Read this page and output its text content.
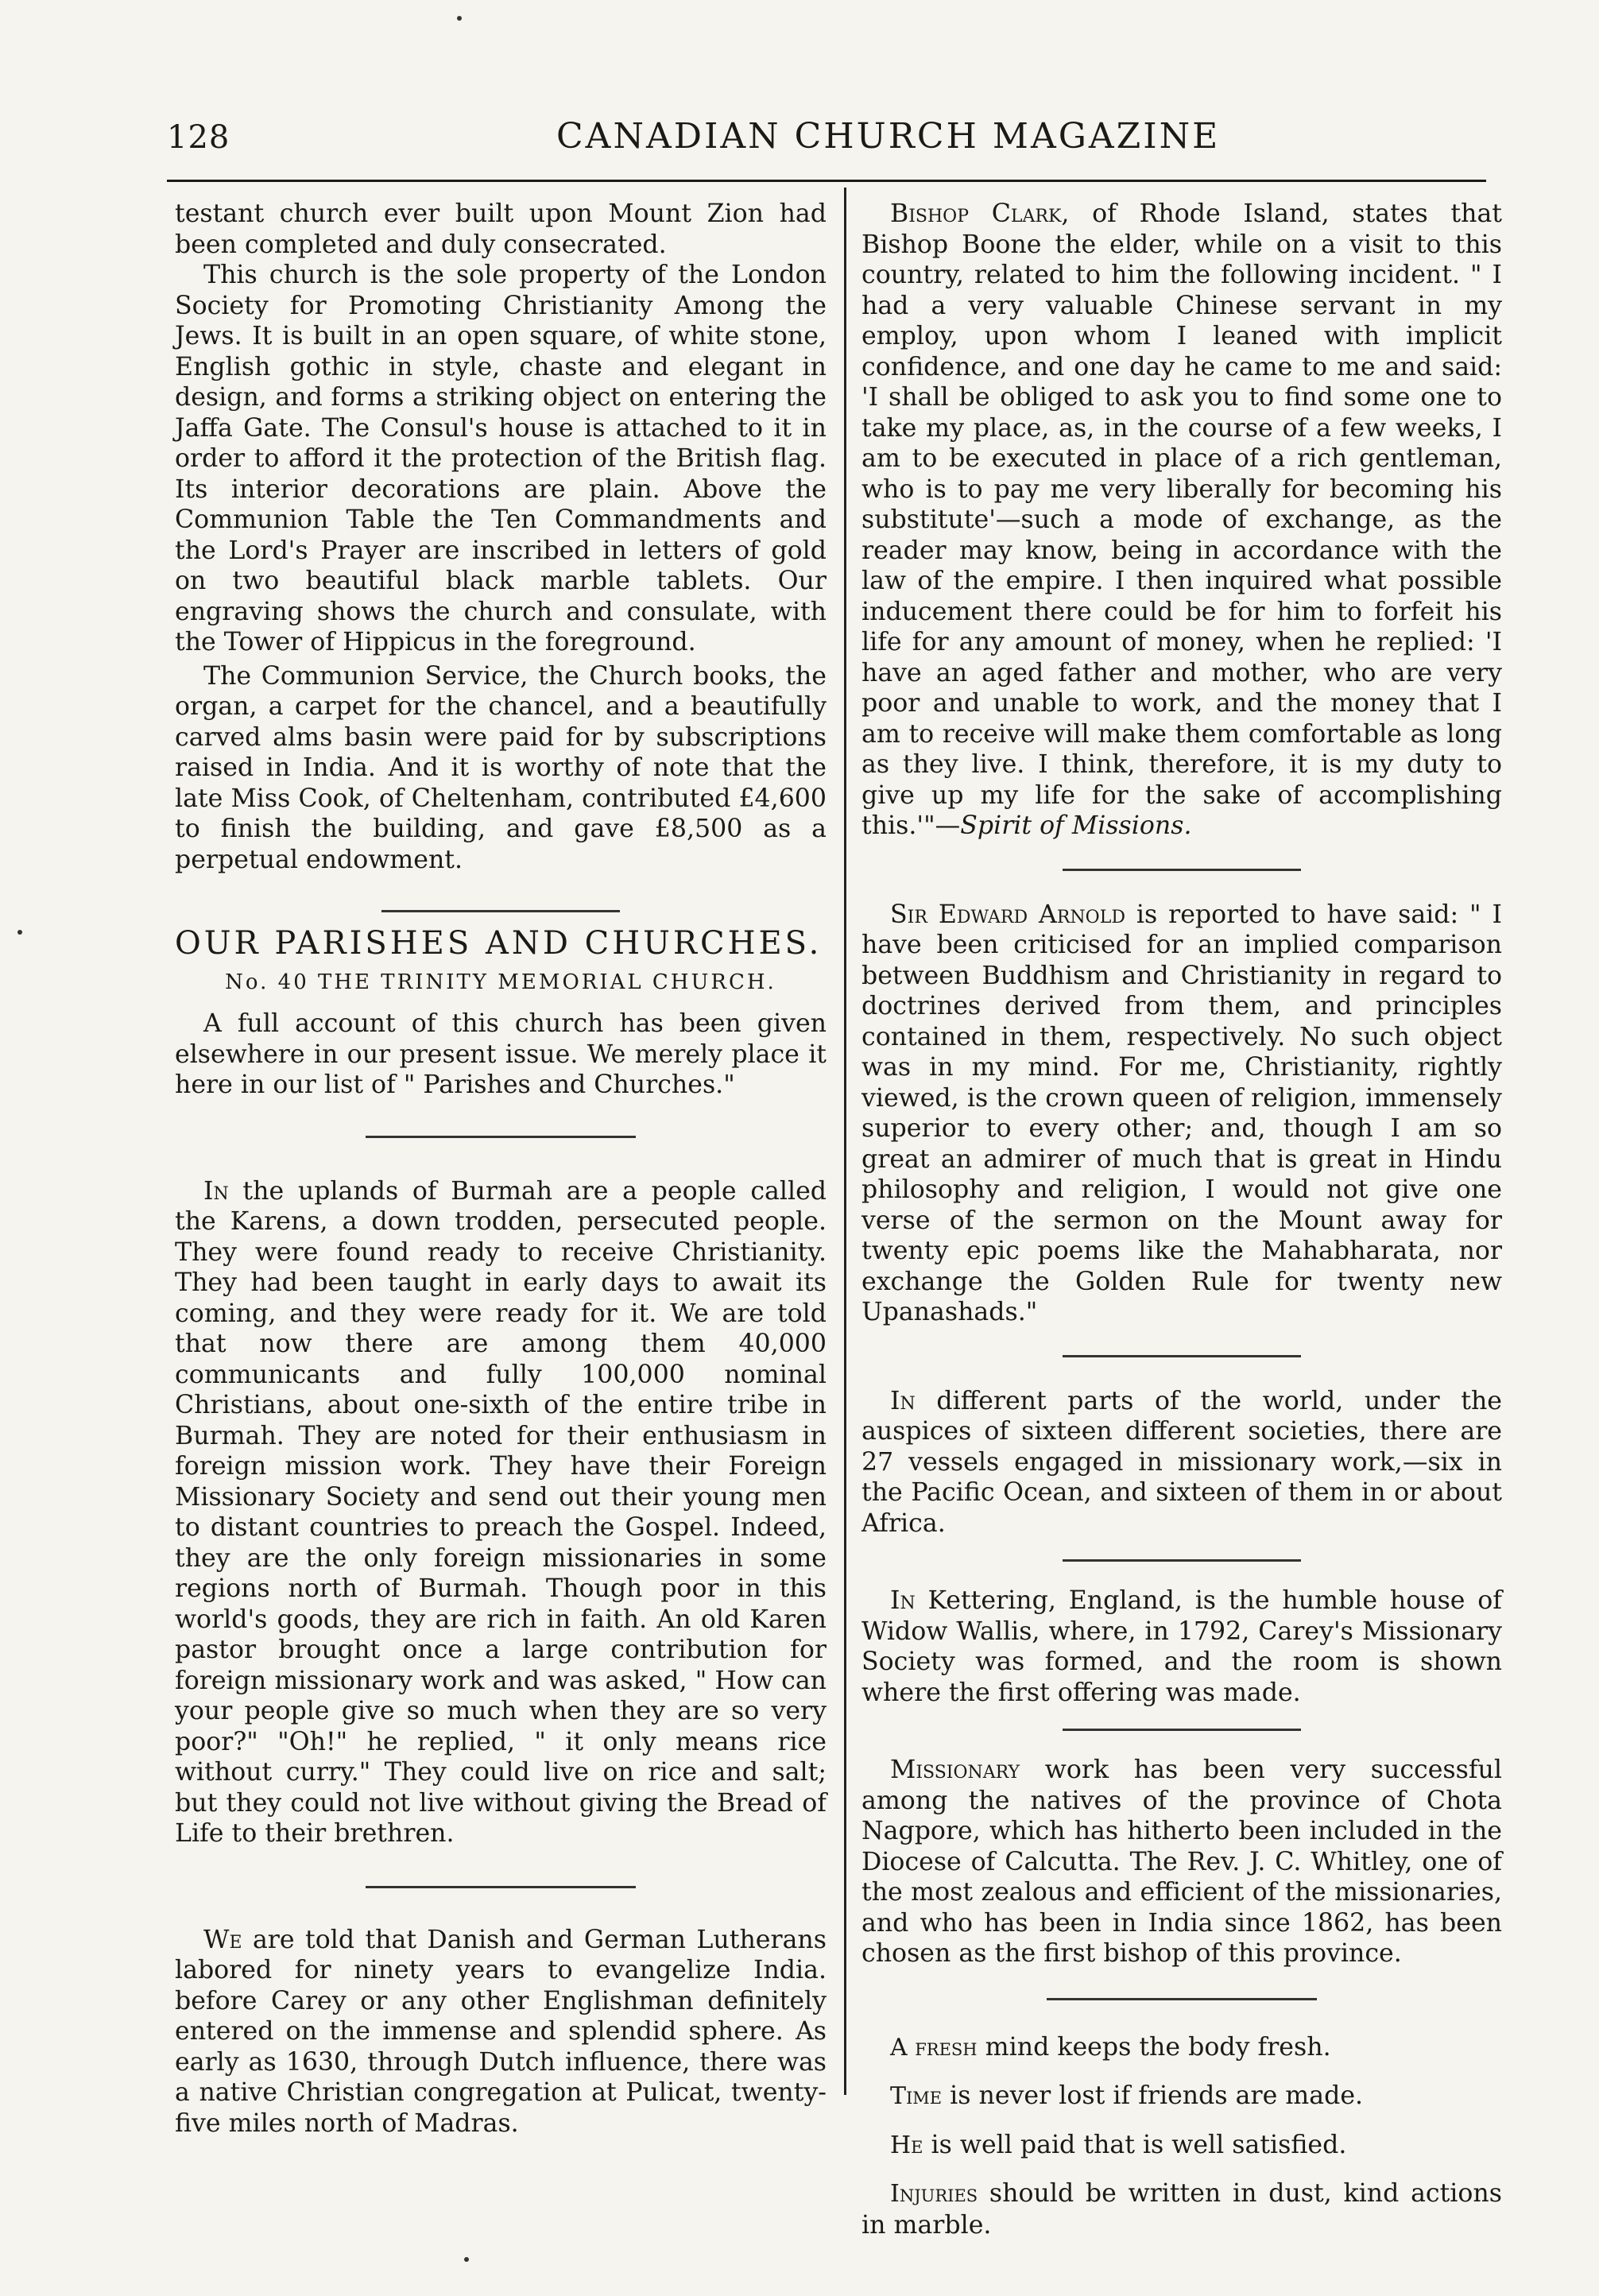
128	CANADIAN CHURCH MAGAZINE

testant church ever built upon Mount Zion had been completed and duly consecrated.

This church is the sole property of the London Society for Promoting Christianity Among the Jews. It is built in an open square, of white stone, English gothic in style, chaste and elegant in design, and forms a striking object on entering the Jaffa Gate. The Consul's house is attached to it in order to afford it the protection of the British flag. Its interior decorations are plain. Above the Communion Table the Ten Commandments and the Lord's Prayer are inscribed in letters of gold on two beautiful black marble tablets. Our engraving shows the church and consulate, with the Tower of Hippicus in the foreground.

The Communion Service, the Church books, the organ, a carpet for the chancel, and a beautifully carved alms basin were paid for by subscriptions raised in India. And it is worthy of note that the late Miss Cook, of Cheltenham, contributed £4,600 to finish the building, and gave £8,500 as a perpetual endowment.

OUR PARISHES AND CHURCHES.
No. 40 THE TRINITY MEMORIAL CHURCH.

A full account of this church has been given elsewhere in our present issue. We merely place it here in our list of " Parishes and Churches."

In the uplands of Burmah are a people called the Karens, a down trodden, persecuted people. They were found ready to receive Christianity. They had been taught in early days to await its coming, and they were ready for it. We are told that now there are among them 40,000 communicants and fully 100,000 nominal Christians, about one-sixth of the entire tribe in Burmah. They are noted for their enthusiasm in foreign mission work. They have their Foreign Missionary Society and send out their young men to distant countries to preach the Gospel. Indeed, they are the only foreign missionaries in some regions north of Burmah. Though poor in this world's goods, they are rich in faith. An old Karen pastor brought once a large contribution for foreign missionary work and was asked, " How can your people give so much when they are so very poor?" "Oh!" he replied, " it only means rice without curry." They could live on rice and salt; but they could not live without giving the Bread of Life to their brethren.

We are told that Danish and German Lutherans labored for ninety years to evangelize India. before Carey or any other Englishman definitely entered on the immense and splendid sphere. As early as 1630, through Dutch influence, there was a native Christian congregation at Pulicat, twenty-five miles north of Madras.

Bishop Clark, of Rhode Island, states that Bishop Boone the elder, while on a visit to this country, related to him the following incident. " I had a very valuable Chinese servant in my employ, upon whom I leaned with implicit confidence, and one day he came to me and said: 'I shall be obliged to ask you to find some one to take my place, as, in the course of a few weeks, I am to be executed in place of a rich gentleman, who is to pay me very liberally for becoming his substitute'—such a mode of exchange, as the reader may know, being in accordance with the law of the empire. I then inquired what possible inducement there could be for him to forfeit his life for any amount of money, when he replied: 'I have an aged father and mother, who are very poor and unable to work, and the money that I am to receive will make them comfortable as long as they live. I think, therefore, it is my duty to give up my life for the sake of accomplishing this.'"—Spirit of Missions.

Sir Edward Arnold is reported to have said: " I have been criticised for an implied comparison between Buddhism and Christianity in regard to doctrines derived from them, and principles contained in them, respectively. No such object was in my mind. For me, Christianity, rightly viewed, is the crown queen of religion, immensely superior to every other; and, though I am so great an admirer of much that is great in Hindu philosophy and religion, I would not give one verse of the sermon on the Mount away for twenty epic poems like the Mahabharata, nor exchange the Golden Rule for twenty new Upanashads."

In different parts of the world, under the auspices of sixteen different societies, there are 27 vessels engaged in missionary work,—six in the Pacific Ocean, and sixteen of them in or about Africa.

In Kettering, England, is the humble house of Widow Wallis, where, in 1792, Carey's Missionary Society was formed, and the room is shown where the first offering was made.

Missionary work has been very successful among the natives of the province of Chota Nagpore, which has hitherto been included in the Diocese of Calcutta. The Rev. J. C. Whitley, one of the most zealous and efficient of the missionaries, and who has been in India since 1862, has been chosen as the first bishop of this province.

A fresh mind keeps the body fresh.

Time is never lost if friends are made.

He is well paid that is well satisfied.

Injuries should be written in dust, kind actions in marble.
